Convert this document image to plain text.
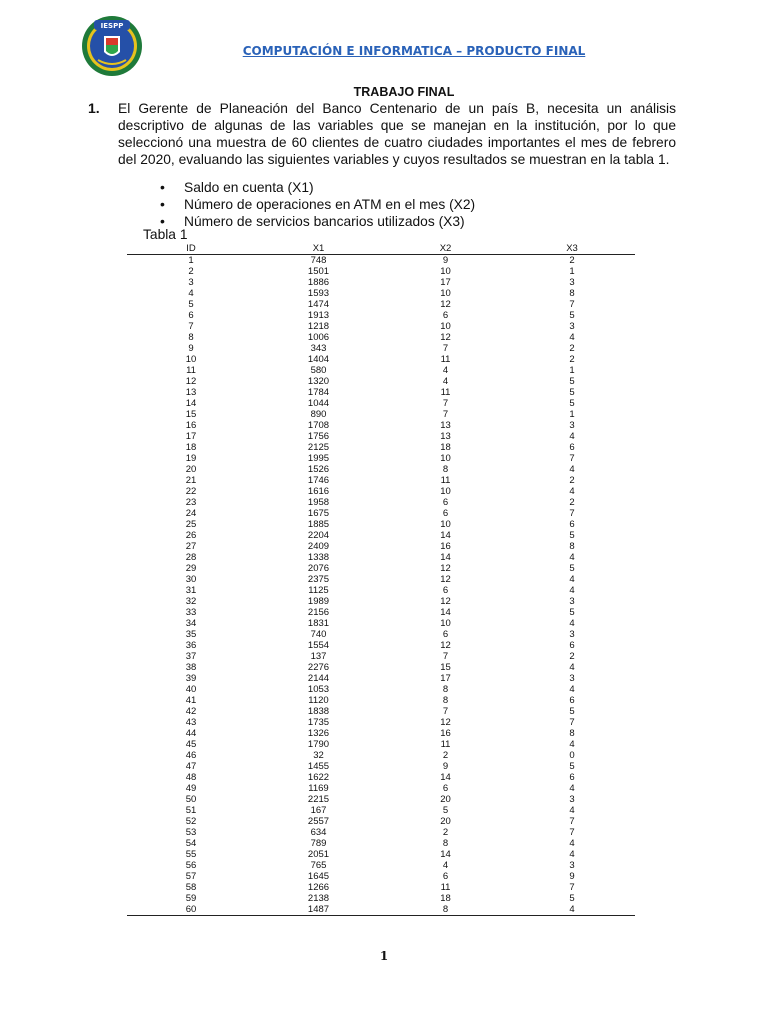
IESPP
COMPUTACIÓN E INFORMATICA – PRODUCTO FINAL
TRABAJO FINAL
1. El Gerente de Planeación del Banco Centenario de un país B, necesita un análisis descriptivo de algunas de las variables que se manejan en la institución, por lo que seleccionó una muestra de 60 clientes de cuatro ciudades importantes el mes de febrero del 2020, evaluando las siguientes variables y cuyos resultados se muestran en la tabla 1.
• Saldo en cuenta (X1)
• Número de operaciones en ATM en el mes (X2)
• Número de servicios bancarios utilizados (X3)
Tabla 1
ID	X1	X2	X3
1	748	9	2
2	1501	10	1
3	1886	17	3
4	1593	10	8
5	1474	12	7
6	1913	6	5
7	1218	10	3
8	1006	12	4
9	343	7	2
10	1404	11	2
11	580	4	1
12	1320	4	5
13	1784	11	5
14	1044	7	5
15	890	7	1
16	1708	13	3
17	1756	13	4
18	2125	18	6
19	1995	10	7
20	1526	8	4
21	1746	11	2
22	1616	10	4
23	1958	6	2
24	1675	6	7
25	1885	10	6
26	2204	14	5
27	2409	16	8
28	1338	14	4
29	2076	12	5
30	2375	12	4
31	1125	6	4
32	1989	12	3
33	2156	14	5
34	1831	10	4
35	740	6	3
36	1554	12	6
37	137	7	2
38	2276	15	4
39	2144	17	3
40	1053	8	4
41	1120	8	6
42	1838	7	5
43	1735	12	7
44	1326	16	8
45	1790	11	4
46	32	2	0
47	1455	9	5
48	1622	14	6
49	1169	6	4
50	2215	20	3
51	167	5	4
52	2557	20	7
53	634	2	7
54	789	8	4
55	2051	14	4
56	765	4	3
57	1645	6	9
58	1266	11	7
59	2138	18	5
60	1487	8	4
1
